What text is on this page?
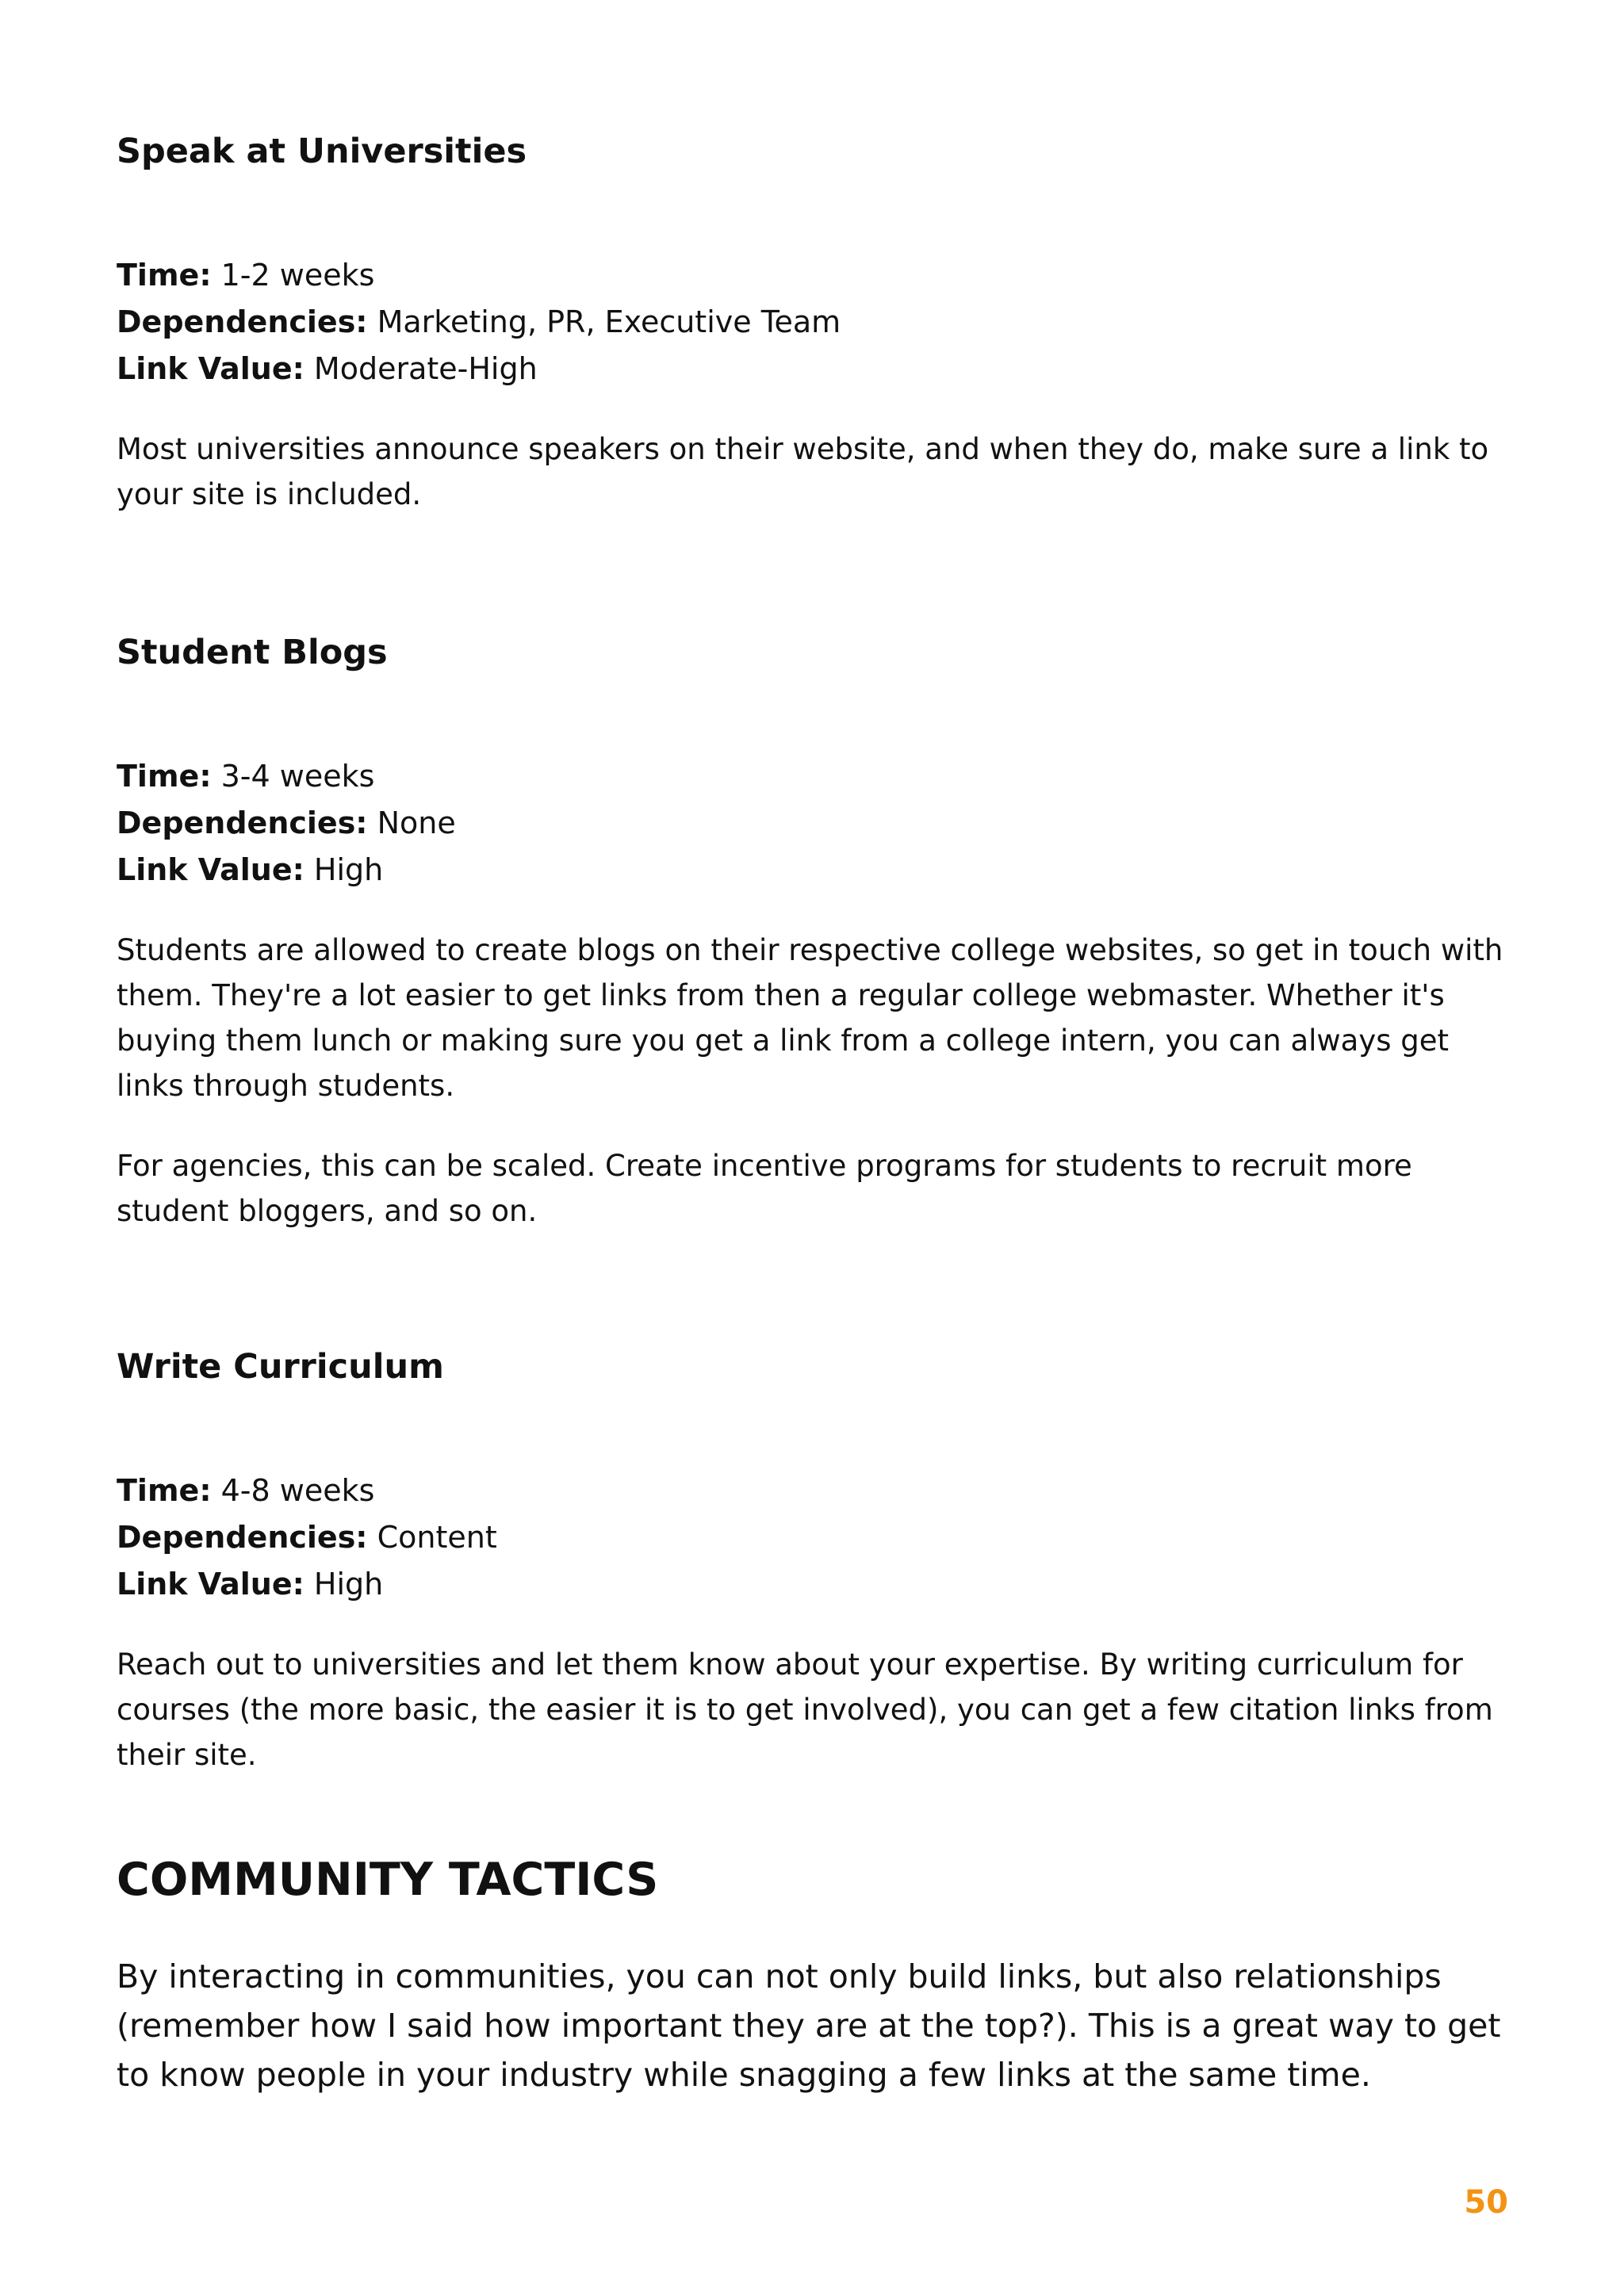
Speak at Universities
Time: 1-2 weeks
Dependencies: Marketing, PR, Executive Team
Link Value: Moderate-High

Most universities announce speakers on their website, and when they do, make sure a link to your site is included.

Student Blogs
Time: 3-4 weeks
Dependencies: None
Link Value: High

Students are allowed to create blogs on their respective college websites, so get in touch with them. They're a lot easier to get links from then a regular college webmaster. Whether it's buying them lunch or making sure you get a link from a college intern, you can always get links through students.

For agencies, this can be scaled. Create incentive programs for students to recruit more student bloggers, and so on.

Write Curriculum
Time: 4-8 weeks
Dependencies: Content
Link Value: High

Reach out to universities and let them know about your expertise. By writing curriculum for courses (the more basic, the easier it is to get involved), you can get a few citation links from their site.

COMMUNITY TACTICS

By interacting in communities, you can not only build links, but also relationships (remember how I said how important they are at the top?). This is a great way to get to know people in your industry while snagging a few links at the same time.

50
